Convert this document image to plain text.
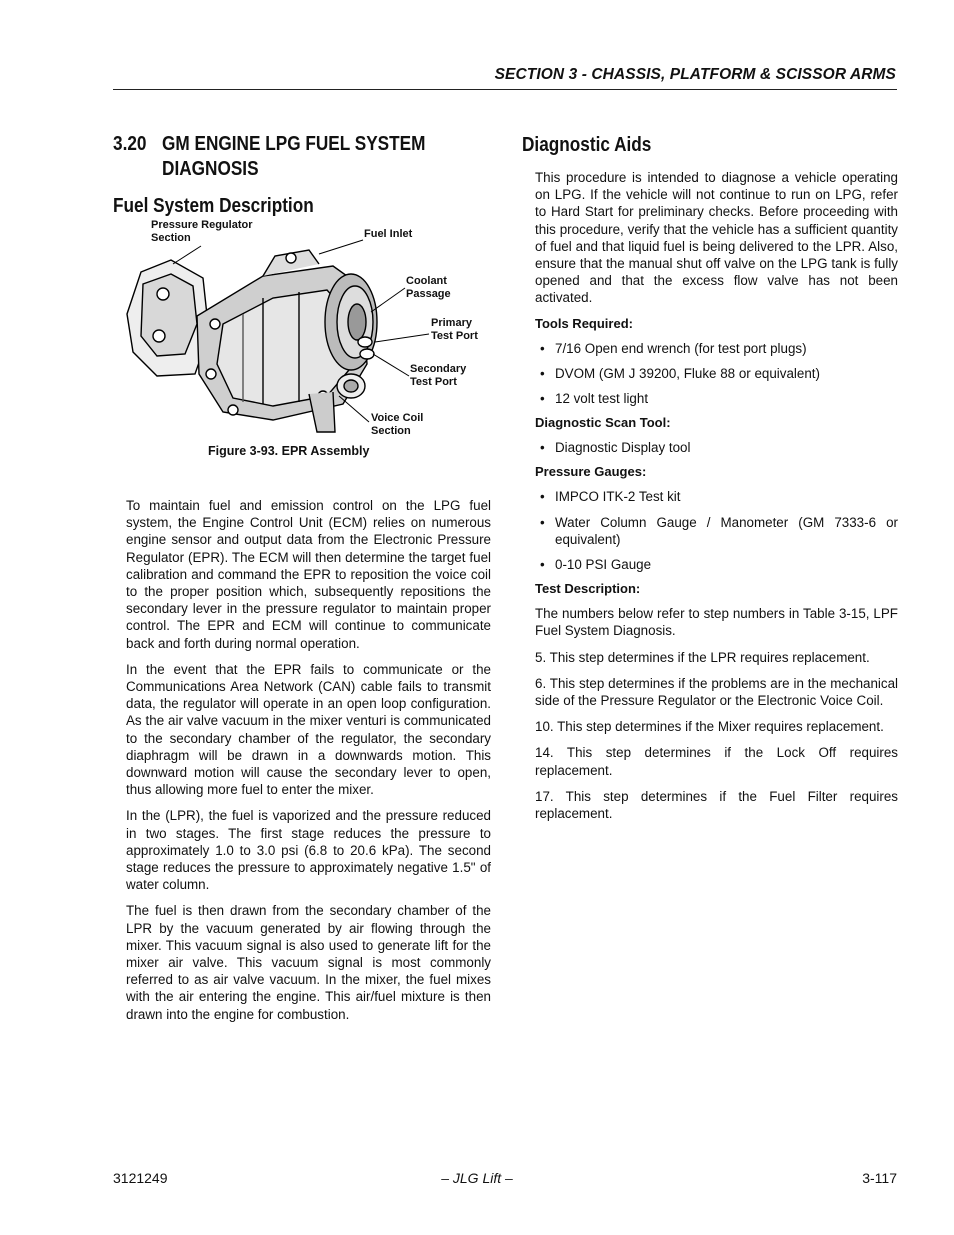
SECTION 3 - CHASSIS, PLATFORM & SCISSOR ARMS
3.20 GM ENGINE LPG FUEL SYSTEM
DIAGNOSIS
Fuel System Description
Pressure Regulator
Section	Fuel Inlet
Coolant
Passage
Primary
Test Port
Secondary
Test Port
Voice Coil
Section
Figure 3-93. EPR Assembly

To maintain fuel and emission control on the LPG fuel system, the Engine Control Unit (ECM) relies on numerous engine sensor and output data from the Electronic Pressure Regulator (EPR). The ECM will then determine the target fuel calibration and command the EPR to reposition the voice coil to the proper position which, subsequently repositions the secondary lever in the pressure regulator to maintain proper control. The EPR and ECM will continue to communicate back and forth during normal operation.

In the event that the EPR fails to communicate or the Communications Area Network (CAN) cable fails to transmit data, the regulator will operate in an open loop configuration. As the air valve vacuum in the mixer venturi is communicated to the secondary chamber of the regulator, the secondary diaphragm will be drawn in a downwards motion. This downward motion will cause the secondary lever to open, thus allowing more fuel to enter the mixer.

In the (LPR), the fuel is vaporized and the pressure reduced in two stages. The first stage reduces the pressure to approximately 1.0 to 3.0 psi (6.8 to 20.6 kPa). The second stage reduces the pressure to approximately negative 1.5" of water column.

The fuel is then drawn from the secondary chamber of the LPR by the vacuum generated by air flowing through the mixer. This vacuum signal is also used to generate lift for the mixer air valve. This vacuum signal is most commonly referred to as air valve vacuum. In the mixer, the fuel mixes with the air entering the engine. This air/fuel mixture is then drawn into the engine for combustion.

Diagnostic Aids

This procedure is intended to diagnose a vehicle operating on LPG. If the vehicle will not continue to run on LPG, refer to Hard Start for preliminary checks. Before proceeding with this procedure, verify that the vehicle has a sufficient quantity of fuel and that liquid fuel is being delivered to the LPR. Also, ensure that the manual shut off valve on the LPG tank is fully opened and that the excess flow valve has not been activated.

Tools Required:
• 7/16 Open end wrench (for test port plugs)
• DVOM (GM J 39200, Fluke 88 or equivalent)
• 12 volt test light
Diagnostic Scan Tool:
• Diagnostic Display tool
Pressure Gauges:
• IMPCO ITK-2 Test kit
• Water Column Gauge / Manometer (GM 7333-6 or equivalent)
• 0-10 PSI Gauge
Test Description:

The numbers below refer to step numbers in Table 3-15, LPF Fuel System Diagnosis.

5. This step determines if the LPR requires replacement.

6. This step determines if the problems are in the mechanical side of the Pressure Regulator or the Electronic Voice Coil.

10. This step determines if the Mixer requires replacement.

14. This step determines if the Lock Off requires replacement.

17. This step determines if the Fuel Filter requires replacement.

3121249	– JLG Lift –	3-117
